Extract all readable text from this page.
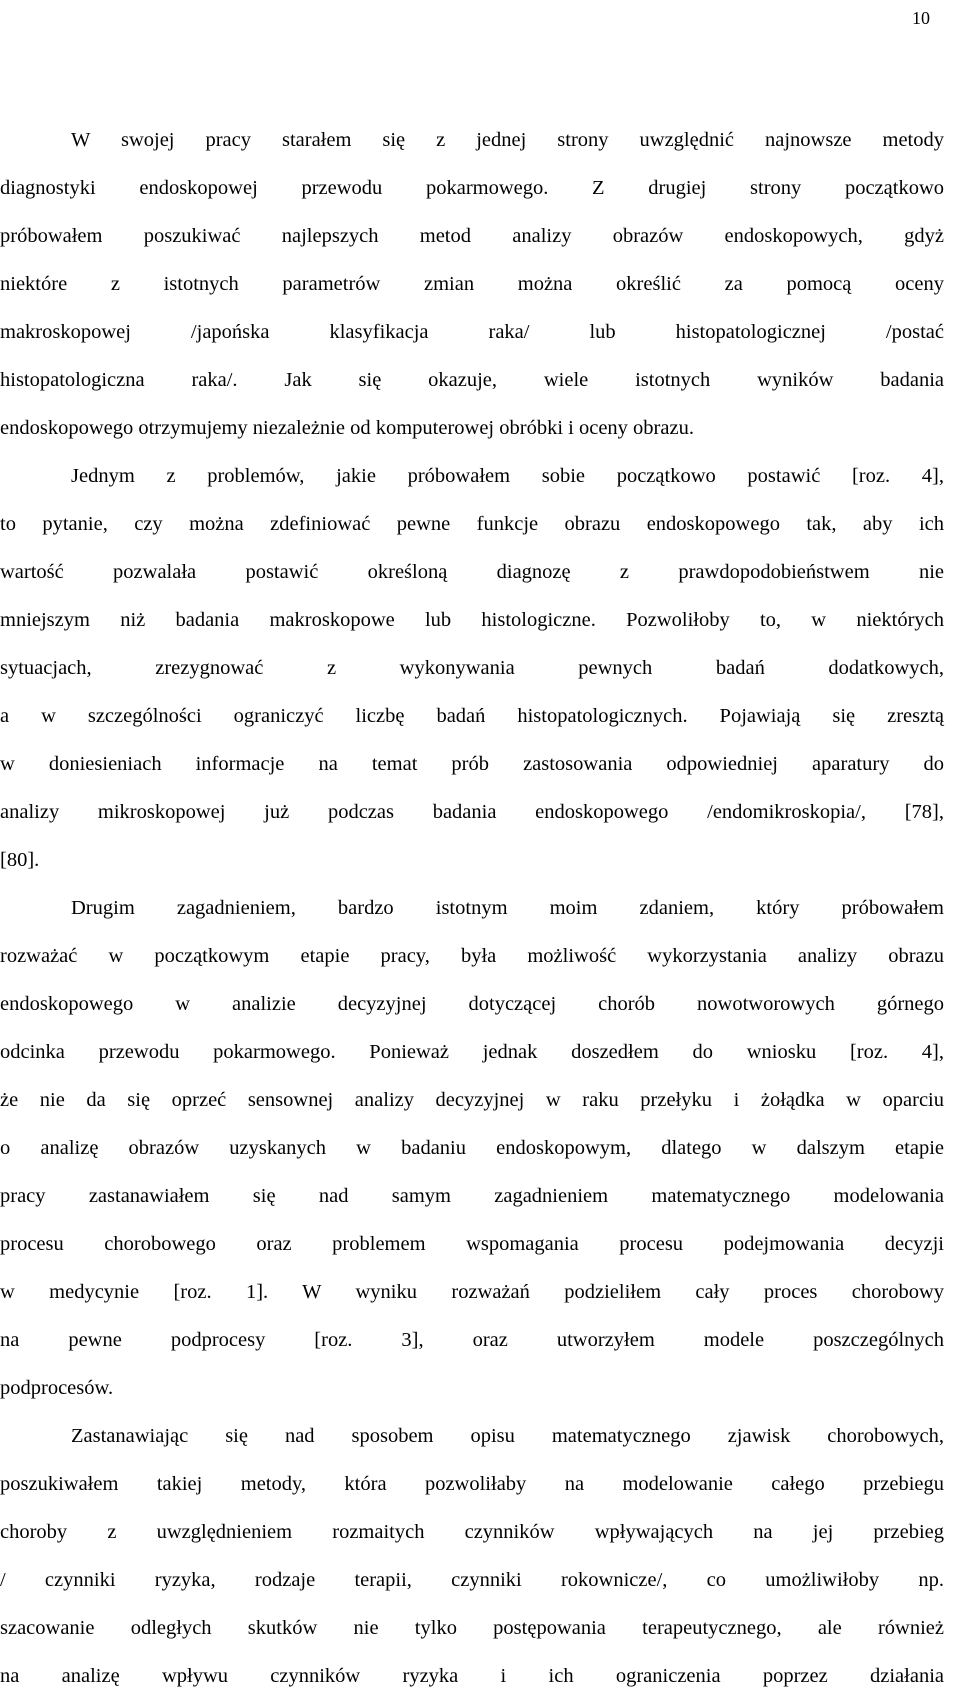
10
W swojej pracy starałem się z jednej strony uwzględnić najnowsze metody
diagnostyki endoskopowej przewodu pokarmowego. Z drugiej strony początkowo
próbowałem poszukiwać najlepszych metod analizy obrazów endoskopowych, gdyż
niektóre z istotnych parametrów zmian można określić za pomocą oceny
makroskopowej /japońska klasyfikacja raka/ lub histopatologicznej /postać
histopatologiczna raka/. Jak się okazuje, wiele istotnych wyników badania
endoskopowego otrzymujemy niezależnie od komputerowej obróbki i oceny obrazu.
Jednym z problemów, jakie próbowałem sobie początkowo postawić [roz. 4],
to pytanie, czy można zdefiniować pewne funkcje obrazu endoskopowego tak, aby ich
wartość pozwalała postawić określoną diagnozę z prawdopodobieństwem nie
mniejszym niż badania makroskopowe lub histologiczne. Pozwoliłoby to, w niektórych
sytuacjach, zrezygnować z wykonywania pewnych badań dodatkowych,
a w szczególności ograniczyć liczbę badań histopatologicznych. Pojawiają się zresztą
w doniesieniach informacje na temat prób zastosowania odpowiedniej aparatury do
analizy mikroskopowej już podczas badania endoskopowego /endomikroskopia/, [78],
[80].
Drugim zagadnieniem, bardzo istotnym moim zdaniem, który próbowałem
rozważać w początkowym etapie pracy, była możliwość wykorzystania analizy obrazu
endoskopowego w analizie decyzyjnej dotyczącej chorób nowotworowych górnego
odcinka przewodu pokarmowego. Ponieważ jednak doszedłem do wniosku [roz. 4],
że nie da się oprzeć sensownej analizy decyzyjnej w raku przełyku i żołądka w oparciu
o analizę obrazów uzyskanych w badaniu endoskopowym, dlatego w dalszym etapie
pracy zastanawiałem się nad samym zagadnieniem matematycznego modelowania
procesu chorobowego oraz problemem wspomagania procesu podejmowania decyzji
w medycynie [roz. 1]. W wyniku rozważań podzieliłem cały proces chorobowy
na pewne podprocesy [roz. 3], oraz utworzyłem modele poszczególnych
podprocesów.
Zastanawiając się nad sposobem opisu matematycznego zjawisk chorobowych,
poszukiwałem takiej metody, która pozwoliłaby na modelowanie całego przebiegu
choroby z uwzględnieniem rozmaitych czynników wpływających na jej przebieg
/ czynniki ryzyka, rodzaje terapii, czynniki rokownicze/, co umożliwiłoby np.
szacowanie odległych skutków nie tylko postępowania terapeutycznego, ale również
na analizę wpływu czynników ryzyka i ich ograniczenia poprzez działania
